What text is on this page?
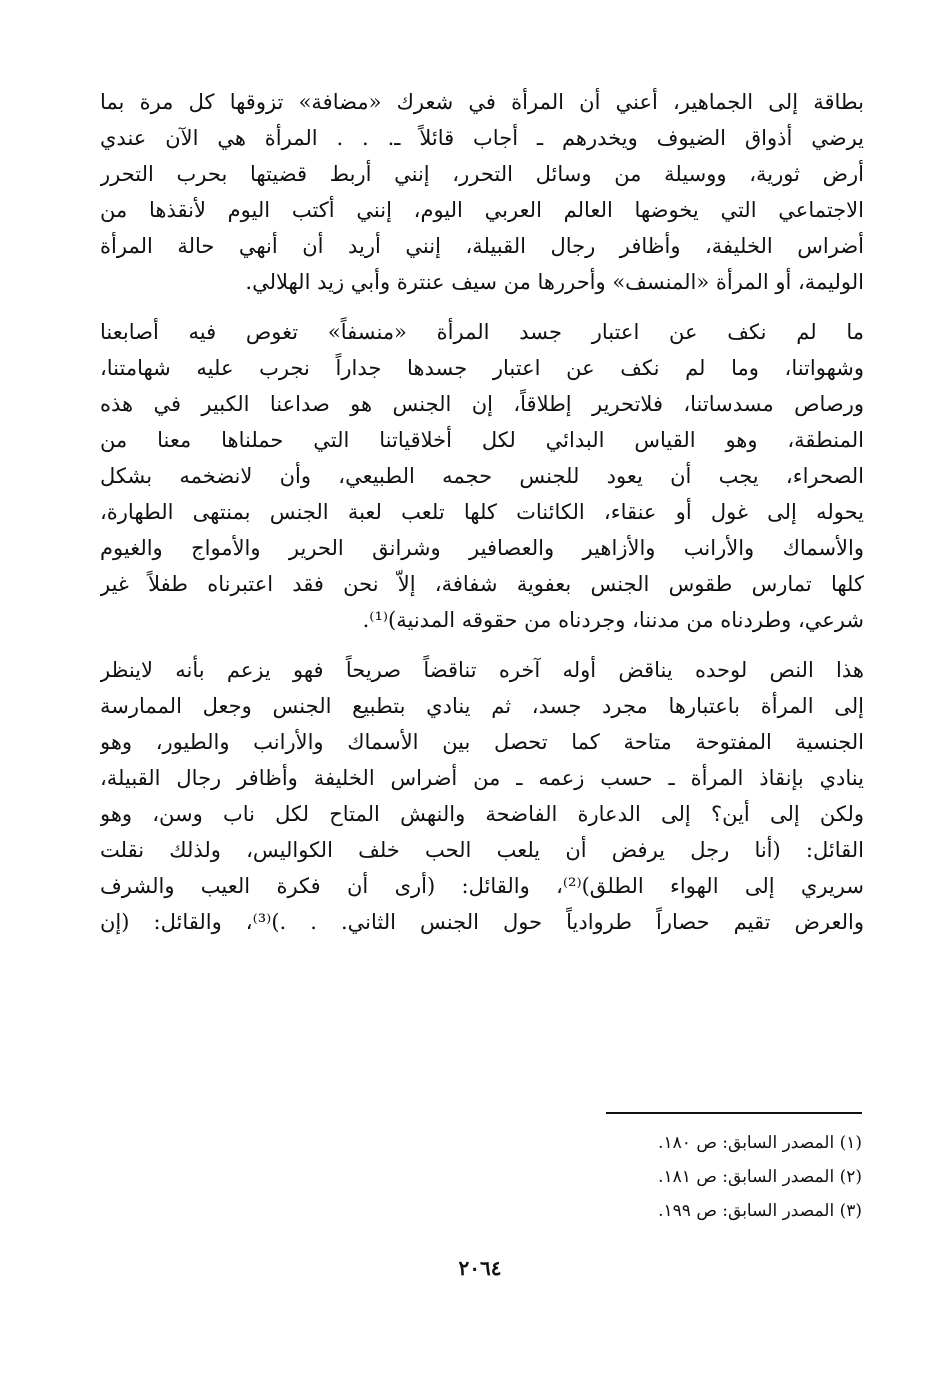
بطاقة إلى الجماهير، أعني أن المرأة في شعرك «مضافة» تزوقها كل مرة بما
يرضي أذواق الضيوف ويخدرهم ـ أجاب قائلاً ـ. . . المرأة هي الآن عندي
أرض ثورية، ووسيلة من وسائل التحرر، إنني أربط قضيتها بحرب التحرر
الاجتماعي التي يخوضها العالم العربي اليوم، إنني أكتب اليوم لأنقذها من
أضراس الخليفة، وأظافر رجال القبيلة، إنني أريد أن أنهي حالة المرأة
الوليمة، أو المرأة «المنسف» وأحررها من سيف عنترة وأبي زيد الهلالي.

ما لم نكف عن اعتبار جسد المرأة «منسفاً» تغوص فيه أصابعنا
وشهواتنا، وما لم نكف عن اعتبار جسدها جداراً نجرب عليه شهامتنا،
ورصاص مسدساتنا، فلاتحرير إطلاقاً، إن الجنس هو صداعنا الكبير في هذه
المنطقة، وهو القياس البدائي لكل أخلاقياتنا التي حملناها معنا من
الصحراء، يجب أن يعود للجنس حجمه الطبيعي، وأن لانضخمه بشكل
يحوله إلى غول أو عنقاء، الكائنات كلها تلعب لعبة الجنس بمنتهى الطهارة،
والأسماك والأرانب والأزاهير والعصافير وشرانق الحرير والأمواج والغيوم
كلها تمارس طقوس الجنس بعفوية شفافة، إلاّ نحن فقد اعتبرناه طفلاً غير
شرعي، وطردناه من مدننا، وجردناه من حقوقه المدنية)⁽¹⁾.

هذا النص لوحده يناقض أوله آخره تناقضاً صريحاً فهو يزعم بأنه لاينظر
إلى المرأة باعتبارها مجرد جسد، ثم ينادي بتطبيع الجنس وجعل الممارسة
الجنسية المفتوحة متاحة كما تحصل بين الأسماك والأرانب والطيور، وهو
ينادي بإنقاذ المرأة ـ حسب زعمه ـ من أضراس الخليفة وأظافر رجال القبيلة،
ولكن إلى أين؟ إلى الدعارة الفاضحة والنهش المتاح لكل ناب وسن، وهو
القائل: (أنا رجل يرفض أن يلعب الحب خلف الكواليس، ولذلك نقلت
سريري إلى الهواء الطلق)⁽²⁾، والقائل: (أرى أن فكرة العيب والشرف
والعرض تقيم حصاراً طروادياً حول الجنس الثاني. . .)⁽³⁾، والقائل: (إن

(١) المصدر السابق: ص ١٨٠.
(٢) المصدر السابق: ص ١٨١.
(٣) المصدر السابق: ص ١٩٩.
٢٠٦٤
